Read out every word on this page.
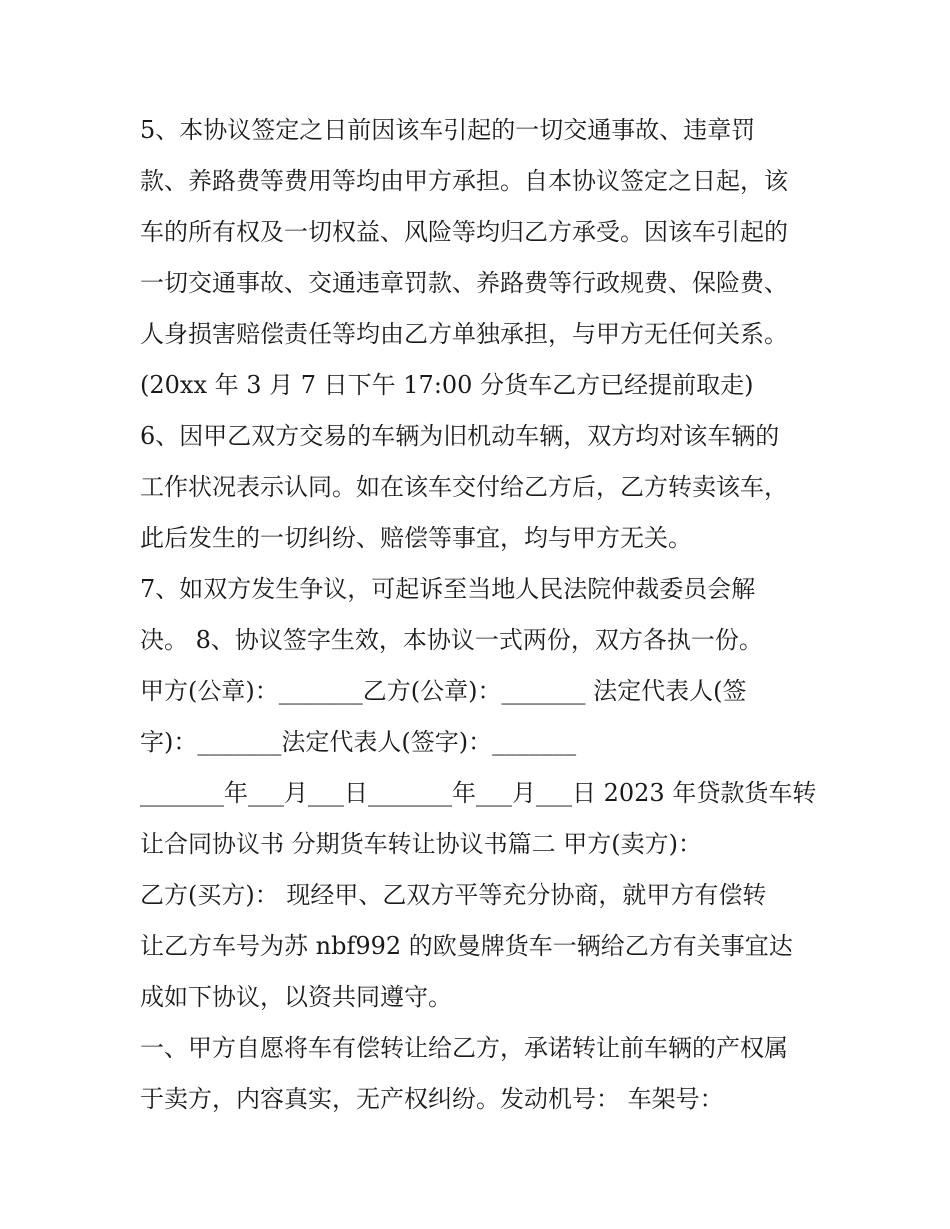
5、本协议签定之日前因该车引起的一切交通事故、违章罚
款、养路费等费用等均由甲方承担。自本协议签定之日起，该
车的所有权及一切权益、风险等均归乙方承受。因该车引起的
一切交通事故、交通违章罚款、养路费等行政规费、保险费、
人身损害赔偿责任等均由乙方单独承担，与甲方无任何关系。
(20xx 年 3 月 7 日下午 17:00 分货车乙方已经提前取走)
6、因甲乙双方交易的车辆为旧机动车辆，双方均对该车辆的
工作状况表示认同。如在该车交付给乙方后，乙方转卖该车，
此后发生的一切纠纷、赔偿等事宜，均与甲方无关。
7、如双方发生争议，可起诉至当地人民法院仲裁委员会解
决。 8、协议签字生效，本协议一式两份，双方各执一份。
甲方(公章)：_______乙方(公章)：_______ 法定代表人(签
字)：_______法定代表人(签字)：_______
_______年___月___日_______年___月___日 2023 年贷款货车转
让合同协议书 分期货车转让协议书篇二 甲方(卖方)：
乙方(买方)： 现经甲、乙双方平等充分协商，就甲方有偿转
让乙方车号为苏 nbf992 的欧曼牌货车一辆给乙方有关事宜达
成如下协议，以资共同遵守。
一、甲方自愿将车有偿转让给乙方，承诺转让前车辆的产权属
于卖方，内容真实，无产权纠纷。发动机号： 车架号：
